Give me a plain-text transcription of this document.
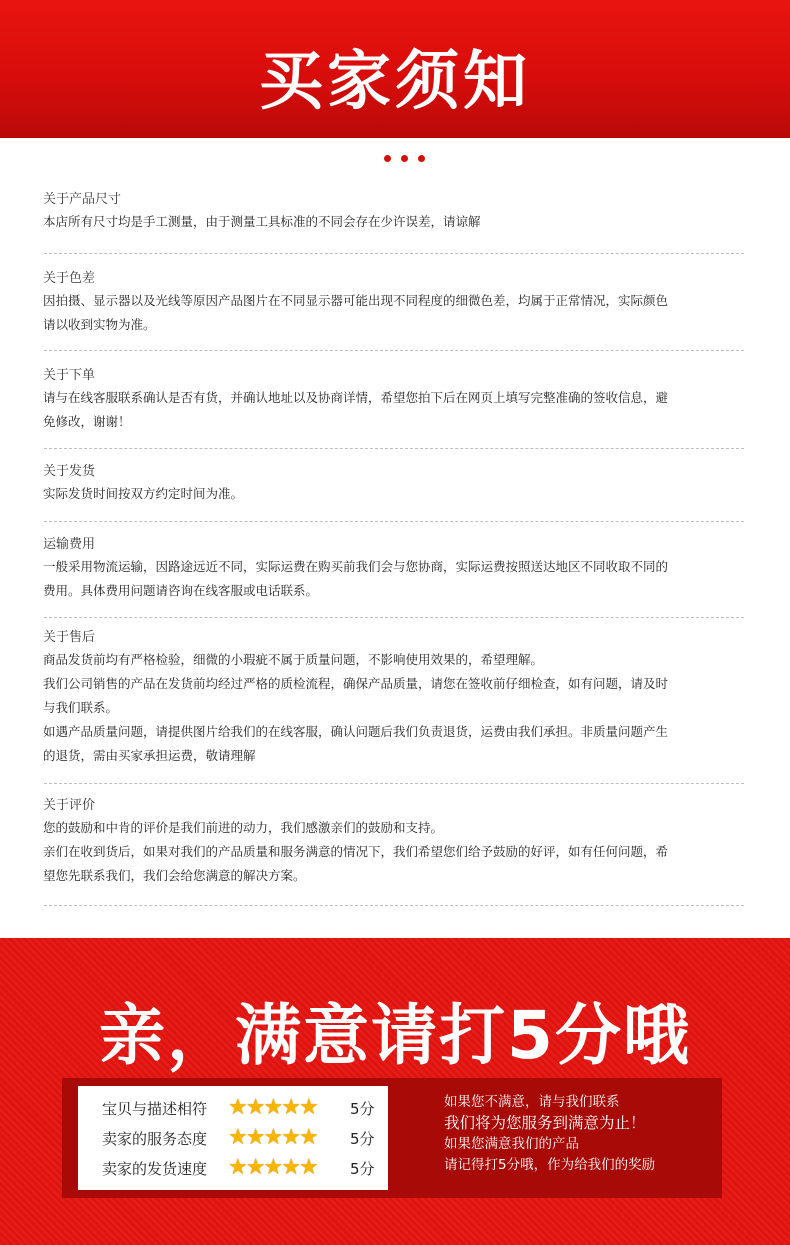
买家须知
关于产品尺寸

本店所有尺寸均是手工测量，由于测量工具标准的不同会存在少许误差，请谅解

关于色差

因拍摄、显示器以及光线等原因产品图片在不同显示器可能出现不同程度的细微色差，均属于正常情况，实际颜色

请以收到实物为准。

关于下单

请与在线客服联系确认是否有货，并确认地址以及协商详情，希望您拍下后在网页上填写完整准确的签收信息，避

免修改，谢谢！

关于发货

实际发货时间按双方约定时间为准。

运输费用

一般采用物流运输，因路途远近不同，实际运费在购买前我们会与您协商，实际运费按照送达地区不同收取不同的

费用。具体费用问题请咨询在线客服或电话联系。

关于售后

商品发货前均有严格检验，细微的小瑕疵不属于质量问题，不影响使用效果的，希望理解。

我们公司销售的产品在发货前均经过严格的质检流程，确保产品质量，请您在签收前仔细检查，如有问题，请及时

与我们联系。

如遇产品质量问题，请提供图片给我们的在线客服，确认问题后我们负责退货，运费由我们承担。非质量问题产生

的退货，需由买家承担运费，敬请理解

关于评价

您的鼓励和中肯的评价是我们前进的动力，我们感激亲们的鼓励和支持。

亲们在收到货后，如果对我们的产品质量和服务满意的情况下，我们希望您们给予鼓励的好评，如有任何问题，希

望您先联系我们，我们会给您满意的解决方案。

亲，满意请打5分哦
宝贝与描述相符 ★★★★★ 5分
卖家的服务态度 ★★★★★ 5分
卖家的发货速度 ★★★★★ 5分
如果您不满意，请与我们联系
我们将为您服务到满意为止！
如果您满意我们的产品
请记得打5分哦，作为给我们的奖励
